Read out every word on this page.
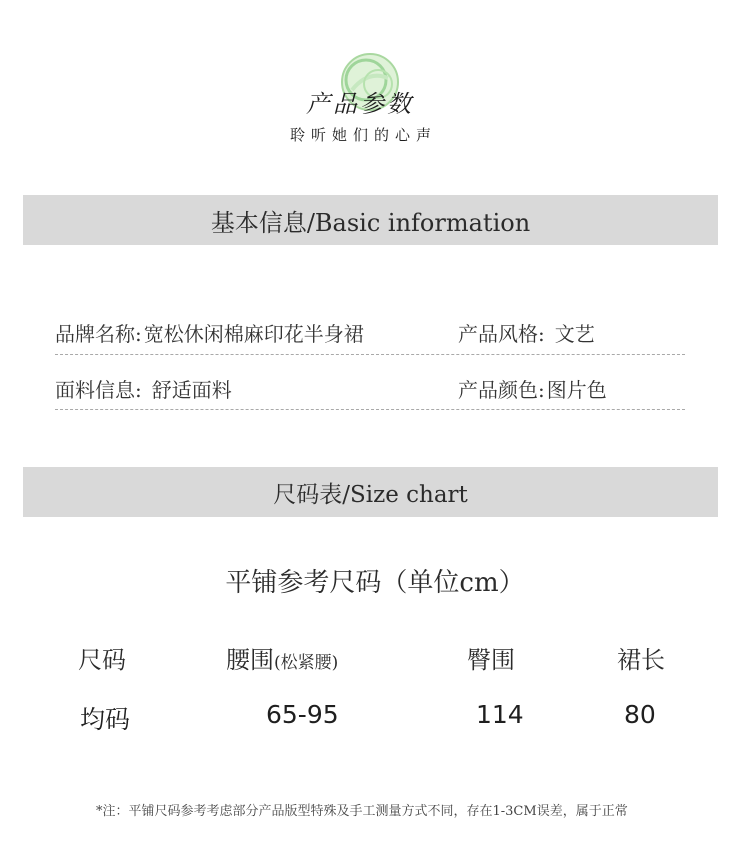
产品参数
聆听她们的心声
基本信息/Basic information
品牌名称: 宽松休闲棉麻印花半身裙	产品风格: 文艺
面料信息: 舒适面料	产品颜色: 图片色
尺码表/Size chart
平铺参考尺码（单位cm）
尺码	腰围(松紧腰)	臀围	裙长
均码	65-95	114	80
*注：平铺尺码参考考虑部分产品版型特殊及手工测量方式不同，存在1-3CM误差，属于正常
